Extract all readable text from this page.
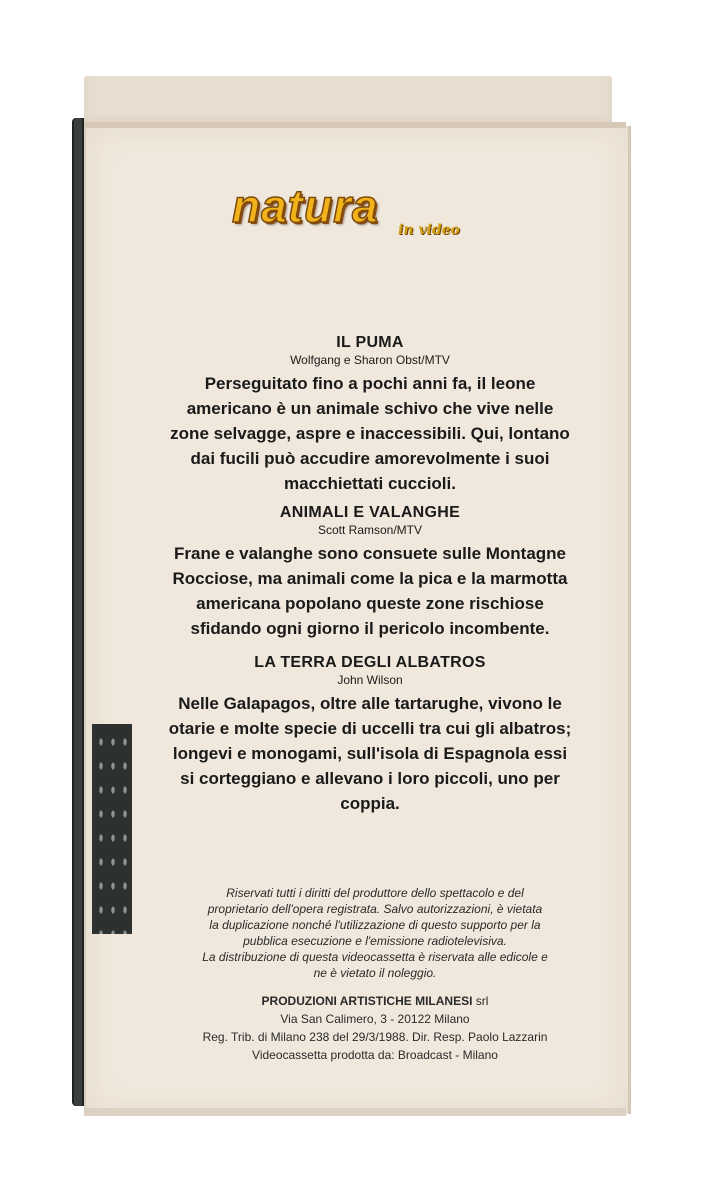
natura in video

IL PUMA

Wolfgang e Sharon Obst/MTV

Perseguitato fino a pochi anni fa, il leone
americano è un animale schivo che vive nelle
zone selvagge, aspre e inaccessibili. Qui, lontano
dai fucili può accudire amorevolmente i suoi
macchiettati cuccioli.

ANIMALI E VALANGHE

Scott Ramson/MTV

Frane e valanghe sono consuete sulle Montagne
Rocciose, ma animali come la pica e la marmotta
americana popolano queste zone rischiose
sfidando ogni giorno il pericolo incombente.

LA TERRA DEGLI ALBATROS

John Wilson

Nelle Galapagos, oltre alle tartarughe, vivono le
otarie e molte specie di uccelli tra cui gli albatros;
longevi e monogami, sull'isola di Espagnola essi
si corteggiano e allevano i loro piccoli, uno per
coppia.

Riservati tutti i diritti del produttore dello spettacolo e del
proprietario dell'opera registrata. Salvo autorizzazioni, è vietata
la duplicazione nonché l'utilizzazione di questo supporto per la
pubblica esecuzione e l'emissione radiotelevisiva.
La distribuzione di questa videocassetta è riservata alle edicole e
ne è vietato il noleggio.
PRODUZIONI ARTISTICHE MILANESI srl
Via San Calimero, 3 - 20122 Milano
Reg. Trib. di Milano 238 del 29/3/1988. Dir. Resp. Paolo Lazzarin
Videocassetta prodotta da: Broadcast - Milano
